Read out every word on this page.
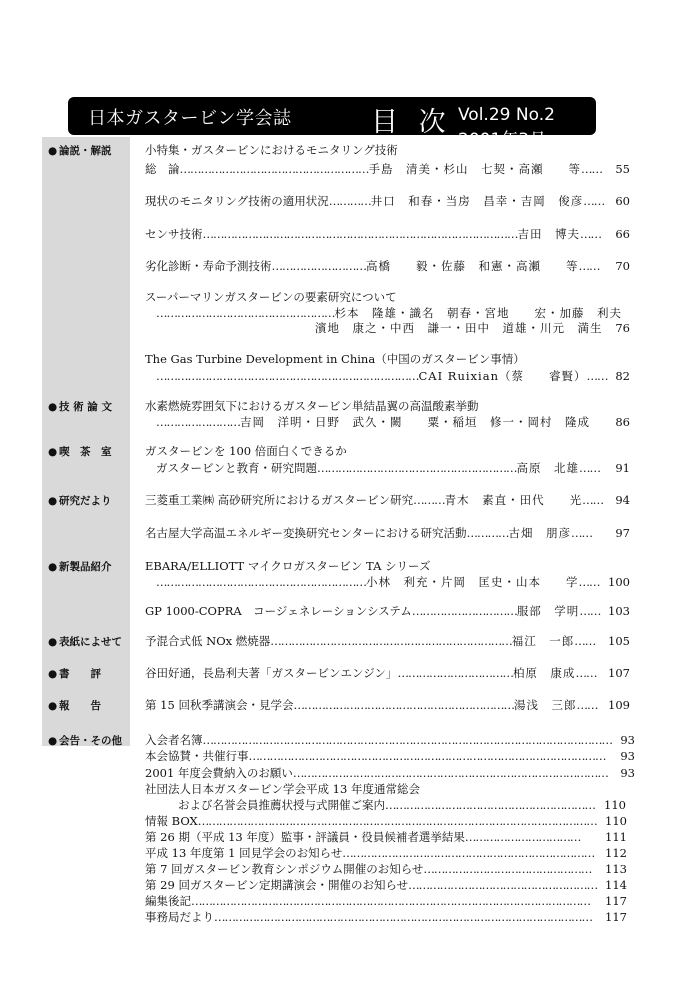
日本ガスタービン学会誌	目 次 Vol.29 No.2 2001年3月
● 論説・解説
● 技 術 論 文
● 喫　茶　室
● 研究だより
● 新製品紹介
● 表紙によせて
● 書　　評
● 報　　告
● 会告・その他
小特集・ガスタービンにおけるモニタリング技術
総　論………………………………………………手島　清美・杉山　七契・高瀬　　等…… 55
現状のモニタリング技術の適用状況…………井口　和春・当房　昌幸・吉岡　俊彦…… 60
センサ技術………………………………………………………………………………吉田　博夫…… 66
劣化診断・寿命予測技術………………………高橋　　毅・佐藤　和憲・高瀬　　等…… 70
スーパーマリンガスタービンの要素研究について
……………………………………………杉本　隆雄・識名　朝春・宮地　　宏・加藤　利夫
濱地　康之・中西　謙一・田中　道雄・川元　満生 76
The Gas Turbine Development in China（中国のガスタービン事情）
…………………………………………………………………CAI Ruixian（蔡　　睿賢）…… 82
水素燃焼雰囲気下におけるガスタービン単結晶翼の高温酸素挙動
……………………吉岡　洋明・日野　武久・闕　　粟・稲垣　修一・岡村　隆成 86
ガスタービンを 100 倍面白くできるか
ガスタービンと教育・研究問題…………………………………………………高原　北雄…… 91
三菱重工業㈱ 高砂研究所におけるガスタービン研究………青木　素直・田代　　光…… 94
名古屋大学高温エネルギー変換研究センターにおける研究活動…………古畑　朋彦…… 97
EBARA/ELLIOTT マイクロガスタービン TA シリーズ
……………………………………………………小林　利充・片岡　匡史・山本　　学…… 100
GP 1000-COPRA　コージェネレーションシステム…………………………服部　学明…… 103
予混合式低 NOx 燃焼器……………………………………………………………福江　一郎…… 105
谷田好通，長島利夫著「ガスタービンエンジン」……………………………柏原　康成…… 107
第 15 回秋季講演会・見学会………………………………………………………湯浅　三郎…… 109
入会者名簿……………………………………………………………………………………………………… 93
本会協賛・共催行事………………………………………………………………………………………… 93
2001 年度会費納入のお願い……………………………………………………………………………… 93
社団法人日本ガスタービン学会平成 13 年度通常総会
および名誉会員推薦状授与式開催ご案内…………………………………………………… 110
情報 BOX…………………………………………………………………………………………………… 110
第 26 期（平成 13 年度）監事・評議員・役員候補者選挙結果…………………………… 111
平成 13 年度第 1 回見学会のお知らせ……………………………………………………………… 112
第 7 回ガスタービン教育シンポジウム開催のお知らせ………………………………………… 113
第 29 回ガスタービン定期講演会・開催のお知らせ……………………………………………… 114
編集後記…………………………………………………………………………………………………… 117
事務局だより……………………………………………………………………………………………… 117
